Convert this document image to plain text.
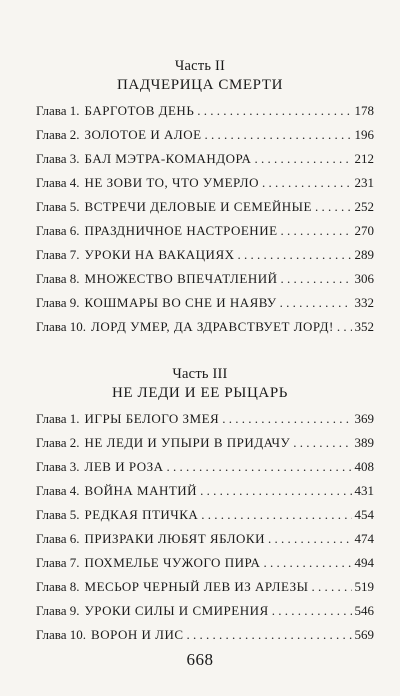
Часть II
ПАДЧЕРИЦА СМЕРТИ
Глава 1. БАРГОТОВ ДЕНЬ . . .	178
Глава 2. ЗОЛОТОЕ И АЛОЕ . . .	196
Глава 3. БАЛ МЭТРА-КОМАНДОРА . . .	212
Глава 4. НЕ ЗОВИ ТО, ЧТО УМЕРЛО . . .	231
Глава 5. ВСТРЕЧИ ДЕЛОВЫЕ И СЕМЕЙНЫЕ . . .	252
Глава 6. ПРАЗДНИЧНОЕ НАСТРОЕНИЕ . . .	270
Глава 7. УРОКИ НА ВАКАЦИЯХ . . .	289
Глава 8. МНОЖЕСТВО ВПЕЧАТЛЕНИЙ . . .	306
Глава 9. КОШМАРЫ ВО СНЕ И НАЯВУ . . .	332
Глава 10. ЛОРД УМЕР, ДА ЗДРАВСТВУЕТ ЛОРД! . . . 352
Часть III
НЕ ЛЕДИ И ЕЕ РЫЦАРЬ
Глава 1. ИГРЫ БЕЛОГО ЗМЕЯ . . .	369
Глава 2. НЕ ЛЕДИ И УПЫРИ В ПРИДАЧУ . . .	389
Глава 3. ЛЕВ И РОЗА . . .	408
Глава 4. ВОЙНА МАНТИЙ . . .	431
Глава 5. РЕДКАЯ ПТИЧКА . . .	454
Глава 6. ПРИЗРАКИ ЛЮБЯТ ЯБЛОКИ . . .	474
Глава 7. ПОХМЕЛЬЕ ЧУЖОГО ПИРА . . .	494
Глава 8. МЕСЬОР ЧЕРНЫЙ ЛЕВ ИЗ АРЛЕЗЫ . . .	519
Глава 9. УРОКИ СИЛЫ И СМИРЕНИЯ . . .	546
Глава 10. ВОРОН И ЛИС . . .	569
668
